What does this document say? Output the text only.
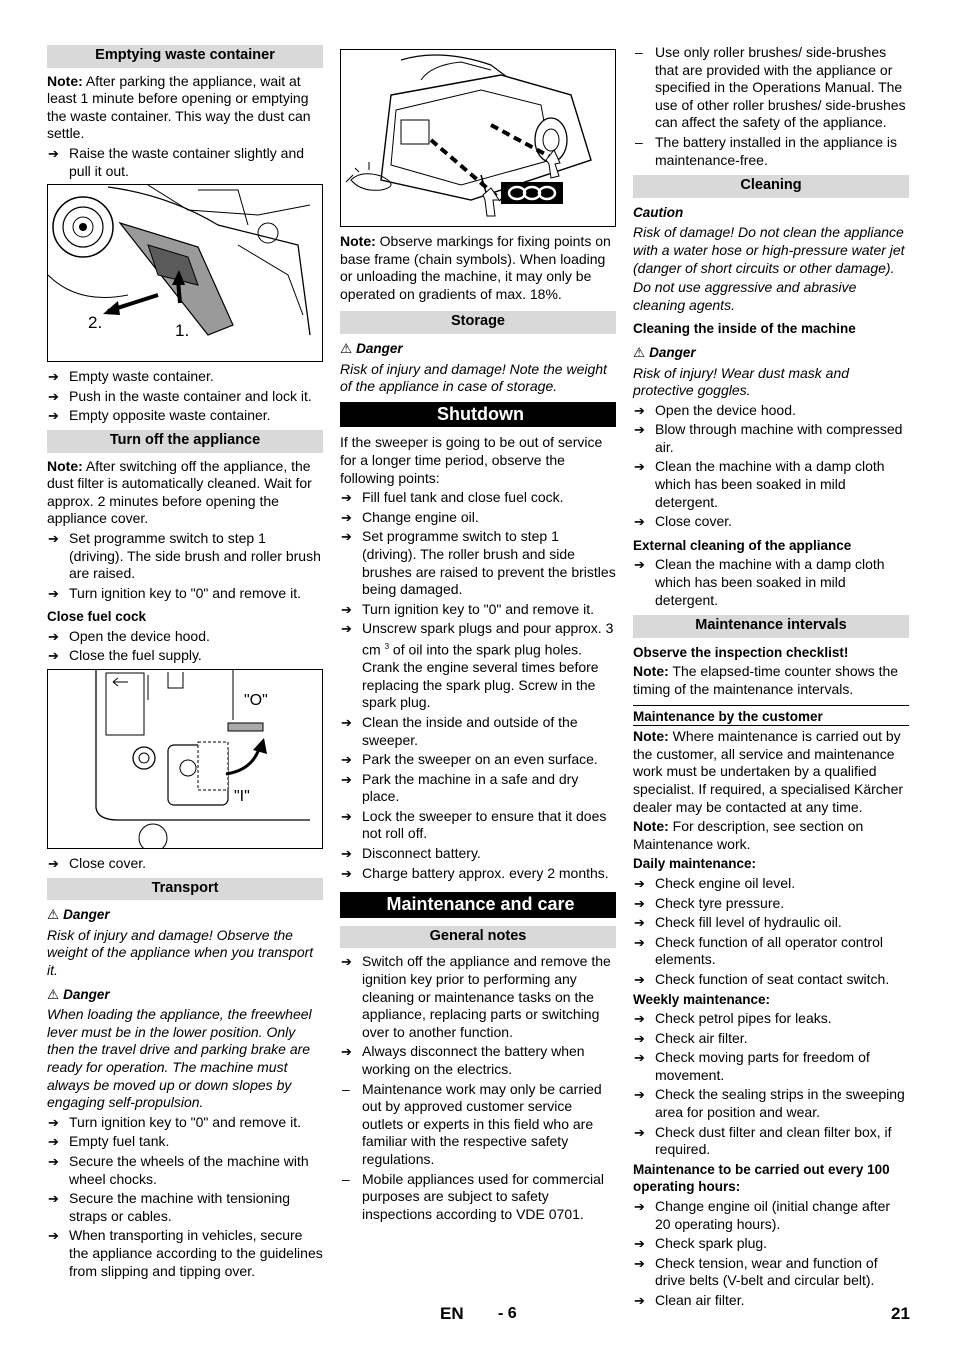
Emptying waste container

Note: After parking the appliance, wait at least 1 minute before opening or emptying the waste container. This way the dust can settle.

➔ Raise the waste container slightly and pull it out.
2.	1.
➔ Empty waste container.
➔ Push in the waste container and lock it.
➔ Empty opposite waste container.
Turn off the appliance

Note: After switching off the appliance, the dust filter is automatically cleaned. Wait for approx. 2 minutes before opening the appliance cover.

➔ Set programme switch to step 1 (driving). The side brush and roller brush are raised.
➔ Turn ignition key to "0" and remove it.
Close fuel cock
➔ Open the device hood.
➔ Close the fuel supply.
"O"
"I"
➔ Close cover.
Transport
⚠ Danger

Risk of injury and damage! Observe the weight of the appliance when you transport it.

⚠ Danger

When loading the appliance, the freewheel lever must be in the lower position. Only then the travel drive and parking brake are ready for operation. The machine must always be moved up or down slopes by engaging self-propulsion.

➔ Turn ignition key to "0" and remove it.
➔ Empty fuel tank.
➔ Secure the wheels of the machine with wheel chocks.
➔ Secure the machine with tensioning straps or cables.
➔ When transporting in vehicles, secure the appliance according to the guidelines from slipping and tipping over.

Note: Observe markings for fixing points on base frame (chain symbols). When loading or unloading the machine, it may only be operated on gradients of max. 18%.

Storage
⚠ Danger

Risk of injury and damage! Note the weight of the appliance in case of storage.

Shutdown

If the sweeper is going to be out of service for a longer time period, observe the following points:

➔ Fill fuel tank and close fuel cock.
➔ Change engine oil.
➔ Set programme switch to step 1 (driving). The roller brush and side brushes are raised to prevent the bristles being damaged.
➔ Turn ignition key to "0" and remove it.
➔ Unscrew spark plugs and pour approx. 3 cm $^3$ of oil into the spark plug holes. Crank the engine several times before replacing the spark plug. Screw in the spark plug.
➔ Clean the inside and outside of the sweeper.
➔ Park the sweeper on an even surface.
➔ Park the machine in a safe and dry place.
➔ Lock the sweeper to ensure that it does not roll off.
➔ Disconnect battery.
➔ Charge battery approx. every 2 months.
Maintenance and care
General notes
➔ Switch off the appliance and remove the ignition key prior to performing any cleaning or maintenance tasks on the appliance, replacing parts or switching over to another function.
➔ Always disconnect the battery when working on the electrics.
– Maintenance work may only be carried out by approved customer service outlets or experts in this field who are familiar with the respective safety regulations.
– Mobile appliances used for commercial purposes are subject to safety inspections according to VDE 0701.
– Use only roller brushes/ side-brushes that are provided with the appliance or specified in the Operations Manual. The use of other roller brushes/ side-brushes can affect the safety of the appliance.
– The battery installed in the appliance is maintenance-free.
Cleaning
Caution

Risk of damage! Do not clean the appliance with a water hose or high-pressure water jet (danger of short circuits or other damage).

Do not use aggressive and abrasive cleaning agents.

Cleaning the inside of the machine
⚠ Danger

Risk of injury! Wear dust mask and protective goggles.

➔ Open the device hood.
➔ Blow through machine with compressed air.
➔ Clean the machine with a damp cloth which has been soaked in mild detergent.
➔ Close cover.
External cleaning of the appliance
➔ Clean the machine with a damp cloth which has been soaked in mild detergent.
Maintenance intervals
Observe the inspection checklist!

Note: The elapsed-time counter shows the timing of the maintenance intervals.

Maintenance by the customer

Note: Where maintenance is carried out by the customer, all service and maintenance work must be undertaken by a qualified specialist. If required, a specialised Kärcher dealer may be contacted at any time.

Note: For description, see section on Maintenance work.

Daily maintenance:
➔ Check engine oil level.
➔ Check tyre pressure.
➔ Check fill level of hydraulic oil.
➔ Check function of all operator control elements.
➔ Check function of seat contact switch.
Weekly maintenance:
➔ Check petrol pipes for leaks.
➔ Check air filter.
➔ Check moving parts for freedom of movement.
➔ Check the sealing strips in the sweeping area for position and wear.
➔ Check dust filter and clean filter box, if required.
Maintenance to be carried out every 100 operating hours:
➔ Change engine oil (initial change after 20 operating hours).
➔ Check spark plug.
➔ Check tension, wear and function of drive belts (V-belt and circular belt).
➔ Clean air filter.
EN - 6	21
